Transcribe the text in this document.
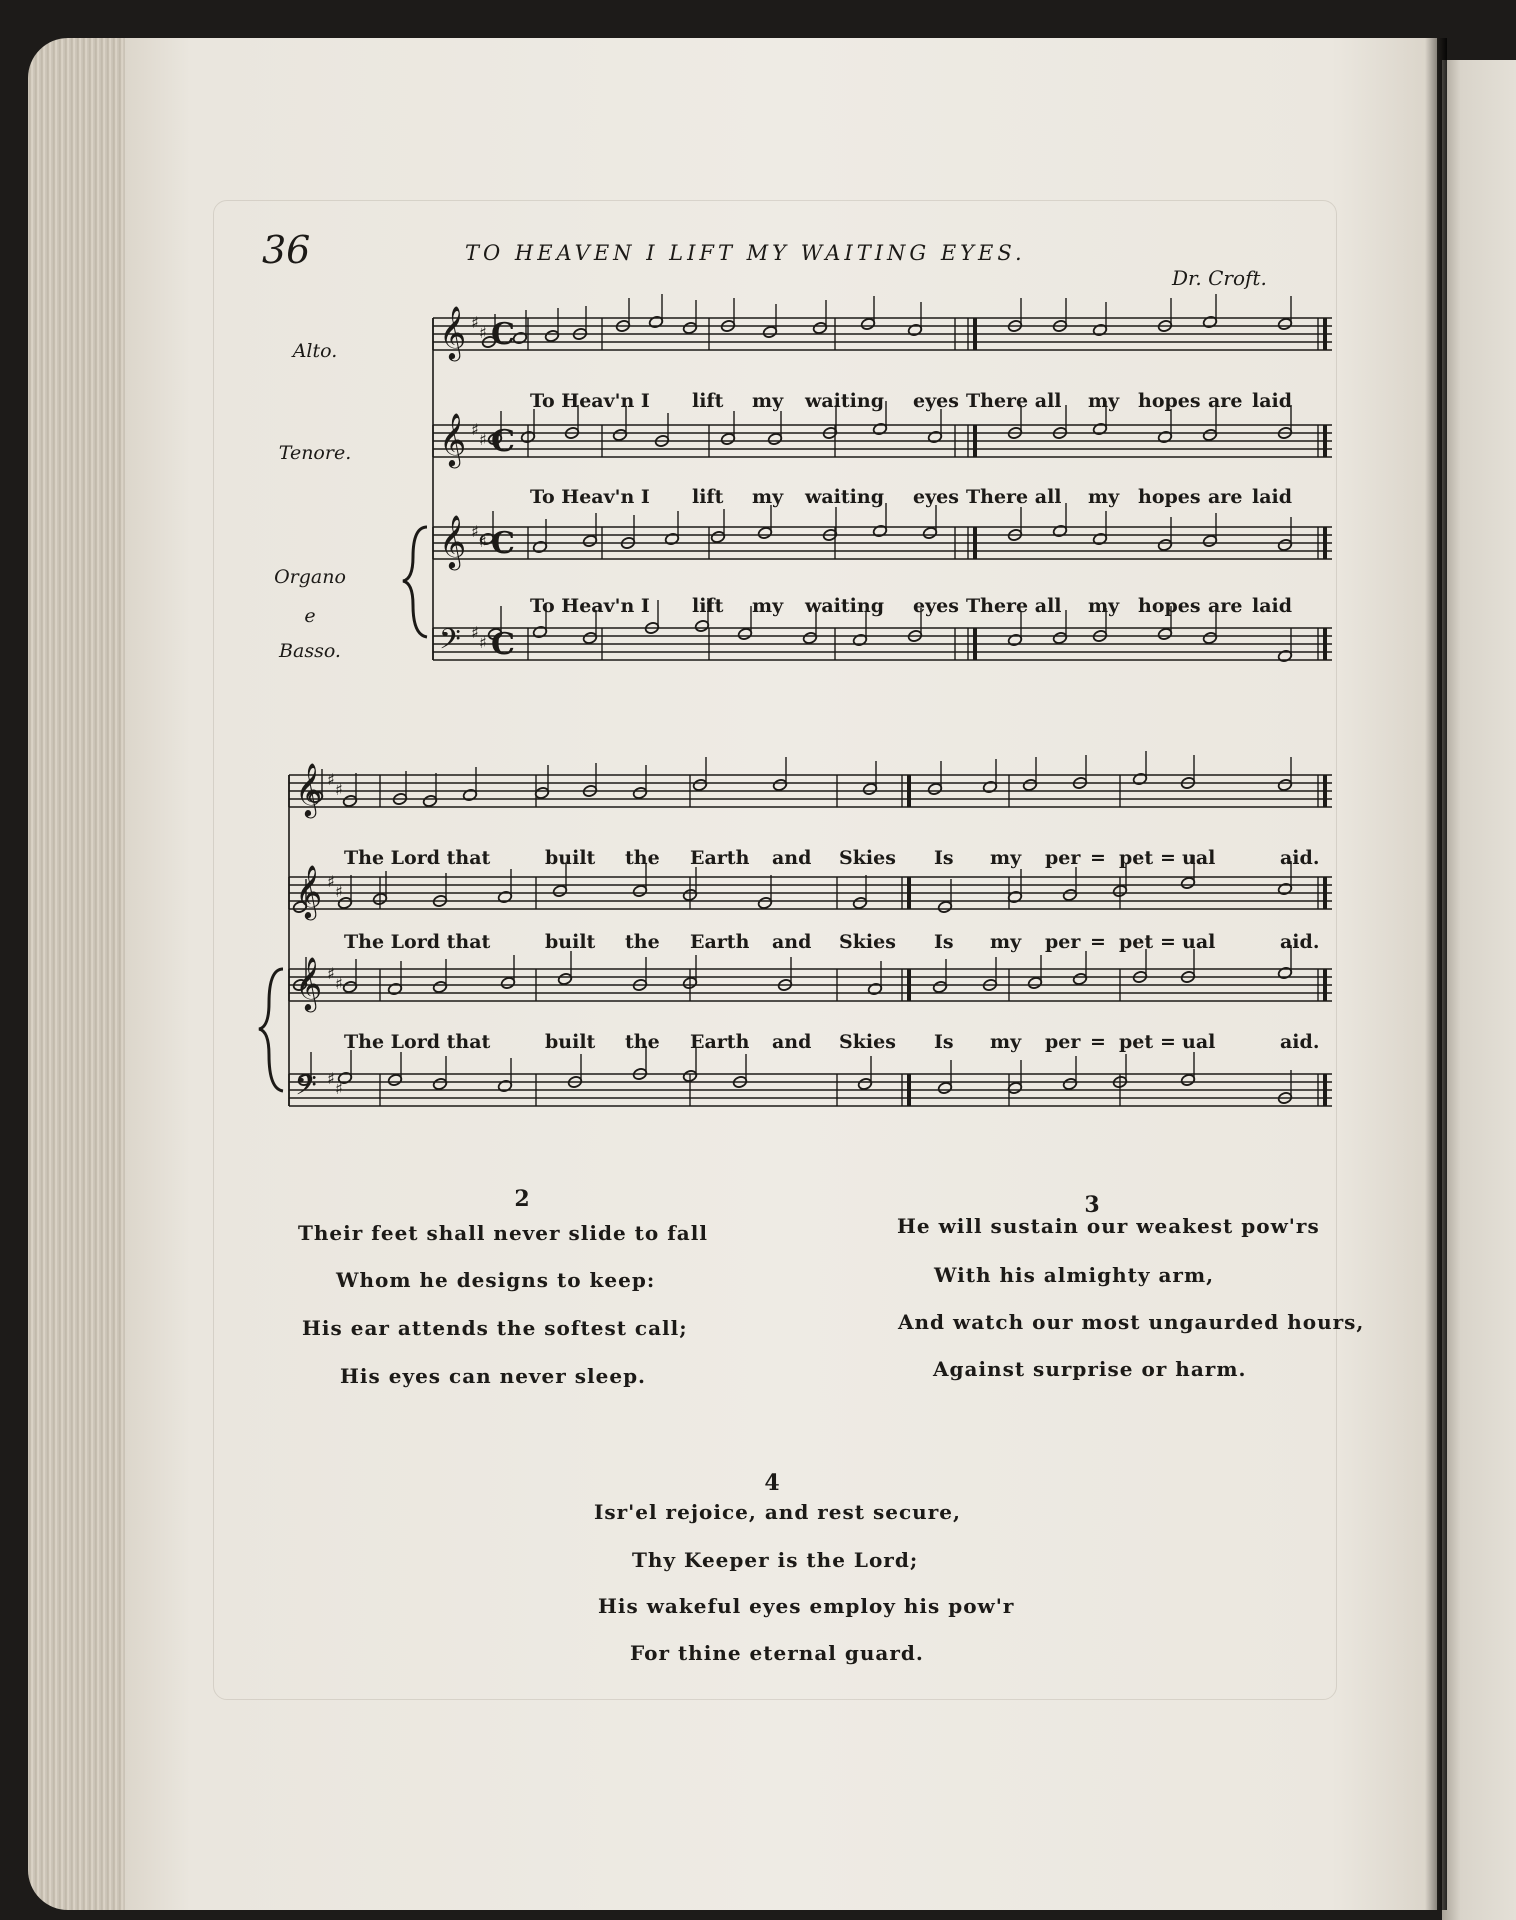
36	TO HEAVEN I LIFT MY WAITING EYES.
Dr. Croft.
Alto.
Tenore.
Organo
e
Basso.
𝄞 ♯
♯ C
𝄞 ♯
♯ C
𝄞 ♯
♯ C
𝄢 ♯
♯ C
To Heav'n I lift my waiting eyes There all my hopes are laid
To Heav'n I lift my waiting eyes There all my hopes are laid
To Heav'n I lift my waiting eyes There all my hopes are laid
𝄞 ♯
♯
𝄞 ♯
♯
𝄞 ♯
♯
𝄢 ♯
♯
The Lord that	built the Earth and Skies Is my per = pet = ual	aid.
The Lord that	built the Earth and Skies Is my per = pet = ual	aid.
The Lord that	built the Earth and Skies Is my per = pet = ual	aid.
2
Their feet shall never slide to fall
Whom he designs to keep:
His ear attends the softest call;
His eyes can never sleep.
3
He will sustain our weakest pow'rs
With his almighty arm,
And watch our most ungaurded hours,
Against surprise or harm.
4
Isr'el rejoice, and rest secure,
Thy Keeper is the Lord;
His wakeful eyes employ his pow'r
For thine eternal guard.
